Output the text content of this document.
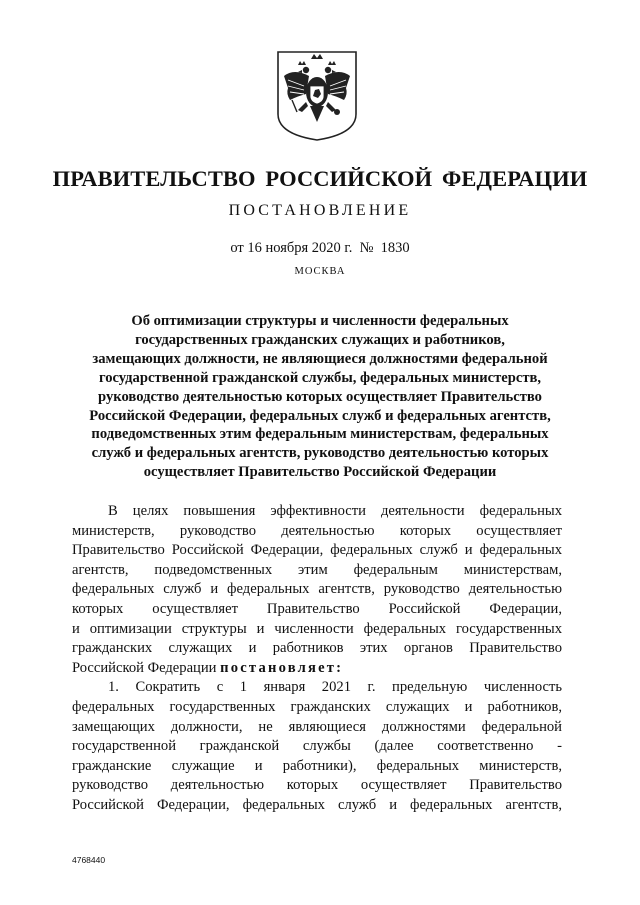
ПРАВИТЕЛЬСТВО РОССИЙСКОЙ ФЕДЕРАЦИИ
ПОСТАНОВЛЕНИЕ
от 16 ноября 2020 г.  №  1830
МОСКВА
Об оптимизации структуры и численности федеральных
государственных гражданских служащих и работников,
замещающих должности, не являющиеся должностями федеральной
государственной гражданской службы, федеральных министерств,
руководство деятельностью которых осуществляет Правительство
Российской Федерации, федеральных служб и федеральных агентств,
подведомственных этим федеральным министерствам, федеральных
служб и федеральных агентств, руководство деятельностью которых
осуществляет Правительство Российской Федерации
В целях повышения эффективности деятельности федеральных
министерств, руководство деятельностью которых осуществляет
Правительство Российской Федерации, федеральных служб и федеральных
агентств, подведомственных этим федеральным министерствам,
федеральных служб и федеральных агентств, руководство деятельностью
которых осуществляет Правительство Российской Федерации,
и оптимизации структуры и численности федеральных государственных
гражданских служащих и работников этих органов Правительство
Российской Федерации постановляет:
1. Сократить с 1 января 2021 г. предельную численность
федеральных государственных гражданских служащих и работников,
замещающих должности, не являющиеся должностями федеральной
государственной гражданской службы (далее соответственно -
гражданские служащие и работники), федеральных министерств,
руководство деятельностью которых осуществляет Правительство
Российской Федерации, федеральных служб и федеральных агентств,
4768440
